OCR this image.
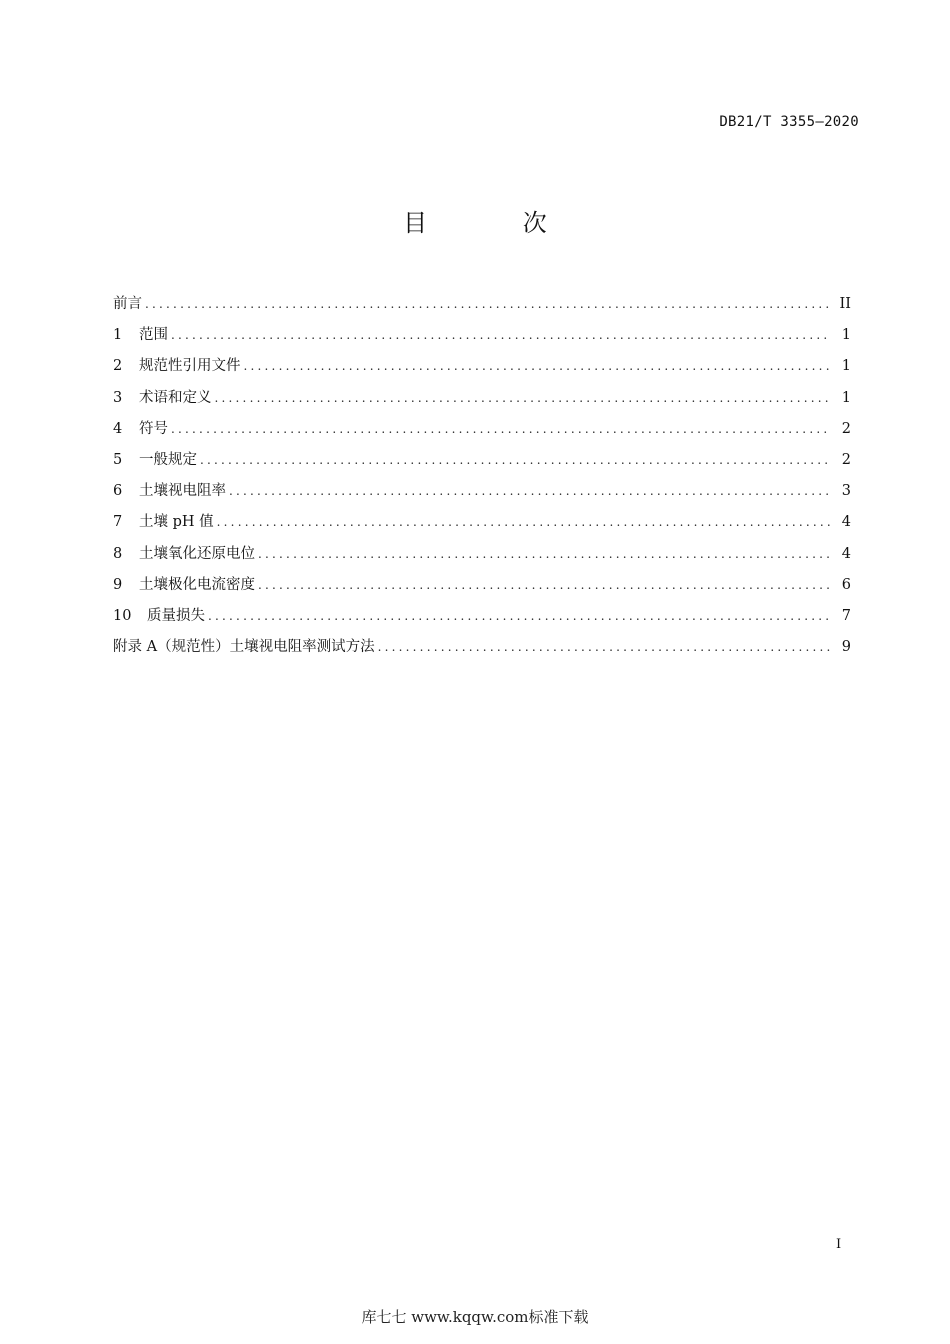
DB21/T 3355—2020
目 次
前言 .....	II
1	范围 .....	1
2	规范性引用文件 .....	1
3	术语和定义 .....	1
4	符号 .....	2
5	一般规定 .....	2
6	土壤视电阻率 .....	3
7	土壤 pH 值 .....	4
8	土壤氧化还原电位 .....	4
9	土壤极化电流密度 .....	6
10	质量损失 .....	7
附录 A（规范性）土壤视电阻率测试方法 .....	9
I
库七七 www.kqqw.com标准下载
